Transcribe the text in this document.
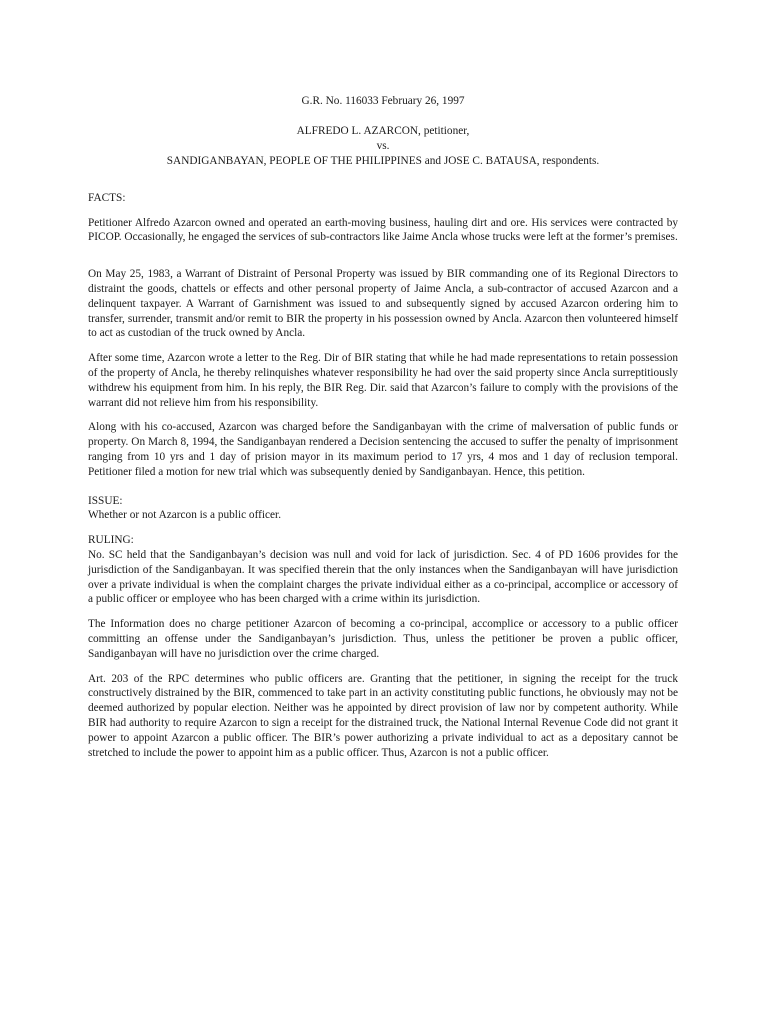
G.R. No. 116033 February 26, 1997
ALFREDO L. AZARCON, petitioner,
vs.
SANDIGANBAYAN, PEOPLE OF THE PHILIPPINES and JOSE C. BATAUSA, respondents.
FACTS:

Petitioner Alfredo Azarcon owned and operated an earth-moving business, hauling dirt and ore. His services were contracted by PICOP. Occasionally, he engaged the services of sub-contractors like Jaime Ancla whose trucks were left at the former’s premises.

On May 25, 1983, a Warrant of Distraint of Personal Property was issued by BIR commanding one of its Regional Directors to distraint the goods, chattels or effects and other personal property of Jaime Ancla, a sub-contractor of accused Azarcon and a delinquent taxpayer. A Warrant of Garnishment was issued to and subsequently signed by accused Azarcon ordering him to transfer, surrender, transmit and/or remit to BIR the property in his possession owned by Ancla. Azarcon then volunteered himself to act as custodian of the truck owned by Ancla.

After some time, Azarcon wrote a letter to the Reg. Dir of BIR stating that while he had made representations to retain possession of the property of Ancla, he thereby relinquishes whatever responsibility he had over the said property since Ancla surreptitiously withdrew his equipment from him. In his reply, the BIR Reg. Dir. said that Azarcon’s failure to comply with the provisions of the warrant did not relieve him from his responsibility.

Along with his co-accused, Azarcon was charged before the Sandiganbayan with the crime of malversation of public funds or property. On March 8, 1994, the Sandiganbayan rendered a Decision sentencing the accused to suffer the penalty of imprisonment ranging from 10 yrs and 1 day of prision mayor in its maximum period to 17 yrs, 4 mos and 1 day of reclusion temporal. Petitioner filed a motion for new trial which was subsequently denied by Sandiganbayan. Hence, this petition.

ISSUE:

Whether or not Azarcon is a public officer.

RULING:

No. SC held that the Sandiganbayan’s decision was null and void for lack of jurisdiction. Sec. 4 of PD 1606 provides for the jurisdiction of the Sandiganbayan. It was specified therein that the only instances when the Sandiganbayan will have jurisdiction over a private individual is when the complaint charges the private individual either as a co-principal, accomplice or accessory of a public officer or employee who has been charged with a crime within its jurisdiction.

The Information does no charge petitioner Azarcon of becoming a co-principal, accomplice or accessory to a public officer committing an offense under the Sandiganbayan’s jurisdiction. Thus, unless the petitioner be proven a public officer, Sandiganbayan will have no jurisdiction over the crime charged.

Art. 203 of the RPC determines who public officers are. Granting that the petitioner, in signing the receipt for the truck constructively distrained by the BIR, commenced to take part in an activity constituting public functions, he obviously may not be deemed authorized by popular election. Neither was he appointed by direct provision of law nor by competent authority. While BIR had authority to require Azarcon to sign a receipt for the distrained truck, the National Internal Revenue Code did not grant it power to appoint Azarcon a public officer. The BIR’s power authorizing a private individual to act as a depositary cannot be stretched to include the power to appoint him as a public officer. Thus, Azarcon is not a public officer.
